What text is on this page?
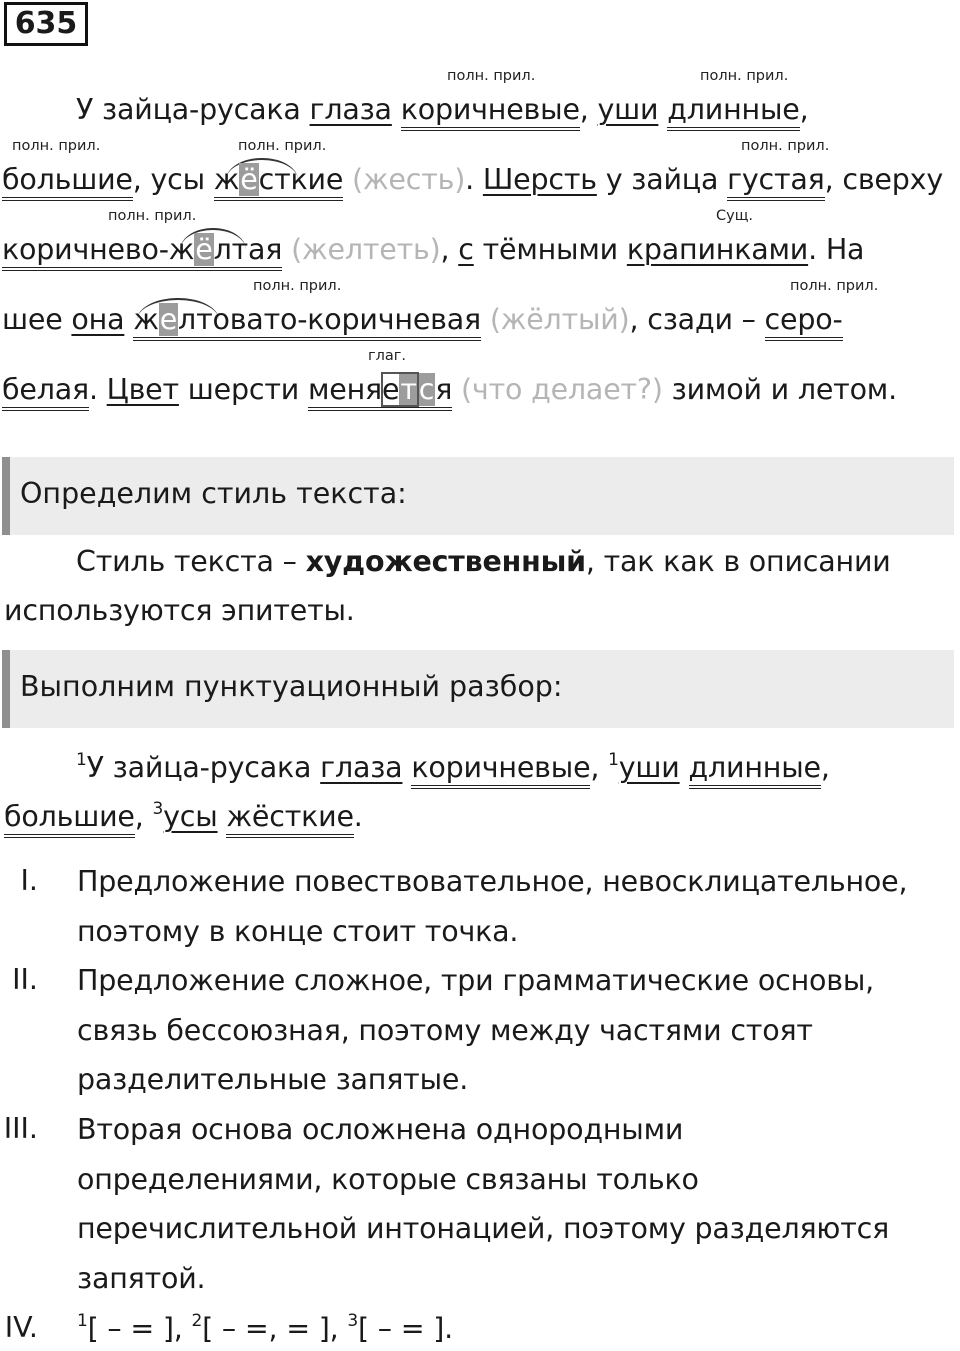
635
полн. прил.	полн. прил.
полн. прил.	полн. прил.	полн. прил.
полн. прил.	Сущ.
полн. прил.	полн. прил.
глаг.
У зайца-русака глаза коричневые, уши длинные,
большие, усы жёсткие (жесть). Шерсть у зайца густая, сверху
коричнево-жёлтая (желтеть), с тёмными крапинками. На
шее она желтовато-коричневая (жёлтый), сзади – серо-
белая. Цвет шерсти меняется (что делает?) зимой и летом.
Определим стиль текста:
Стиль текста – художественный, так как в описании
используются эпитеты.
Выполним пунктуационный разбор:
$^1$У зайца-русака глаза коричневые, $^1$уши длинные,
большие, $^3$усы жёсткие.
I. Предложение повествовательное, невосклицательное,
поэтому в конце стоит точка.
II. Предложение сложное, три грамматические основы,
связь бессоюзная, поэтому между частями стоят
разделительные запятые.
III. Вторая основа осложнена однородными
определениями, которые связаны только
перечислительной интонацией, поэтому разделяются
запятой.
IV. $^1$[ – = ], $^2$[ – =, = ], $^3$[ – = ].
